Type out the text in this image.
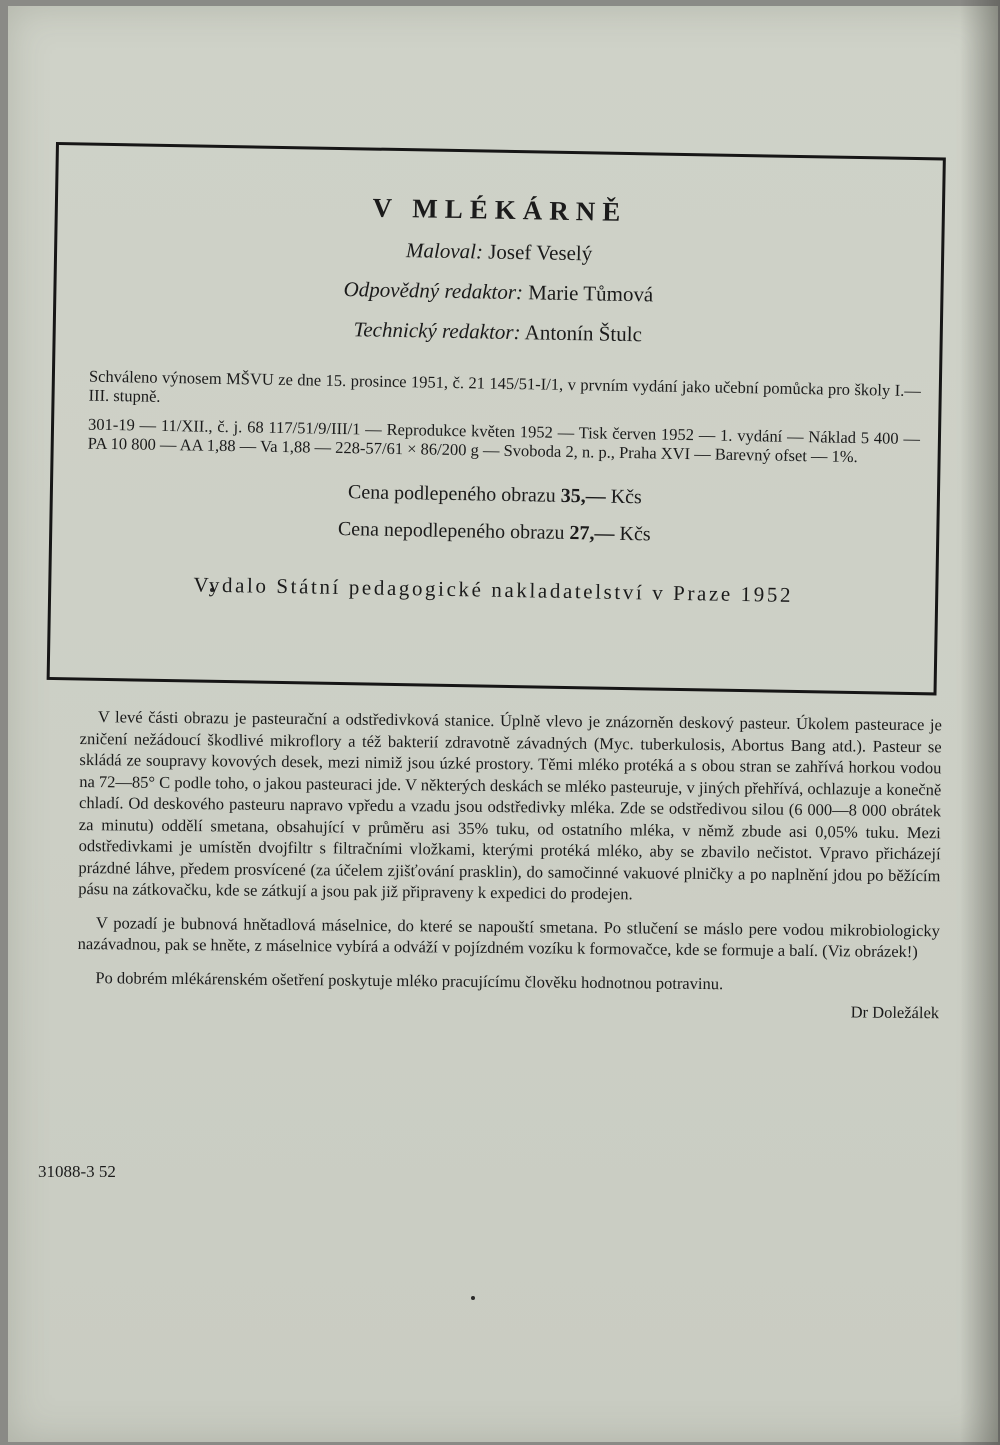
V MLÉKÁRNĚ
Maloval: Josef Veselý
Odpovědný redaktor: Marie Tůmová
Technický redaktor: Antonín Štulc
Schváleno výnosem MŠVU ze dne 15. prosince 1951, č. 21 145/51-I/1, v prvním vydání jako učební pomůcka pro školy I.—III. stupně.
301-19 — 11/XII., č. j. 68 117/51/9/III/1 — Reprodukce květen 1952 — Tisk červen 1952 — 1. vydání — Náklad 5 400 — PA 10 800 — AA 1,88 — Va 1,88 — 228-57/61 × 86/200 g — Svoboda 2, n. p., Praha XVI — Barevný ofset — 1%.
Cena podlepeného obrazu 35,— Kčs
Cena nepodlepeného obrazu 27,— Kčs
Vydalo Státní pedagogické nakladatelství v Praze 1952

V levé části obrazu je pasteurační a odstředivková stanice. Úplně vlevo je znázorněn deskový pasteur. Úkolem pasteurace je zničení nežádoucí škodlivé mikroflory a též bakterií zdravotně závadných (Myc. tuberkulosis, Abortus Bang atd.). Pasteur se skládá ze soupravy kovových desek, mezi nimiž jsou úzké prostory. Těmi mléko protéká a s obou stran se zahřívá horkou vodou na 72—85° C podle toho, o jakou pasteuraci jde. V některých deskách se mléko pasteuruje, v jiných přehřívá, ochlazuje a konečně chladí. Od deskového pasteuru napravo vpředu a vzadu jsou odstředivky mléka. Zde se odstředivou silou (6 000—8 000 obrátek za minutu) oddělí smetana, obsahující v průměru asi 35% tuku, od ostatního mléka, v němž zbude asi 0,05% tuku. Mezi odstředivkami je umístěn dvojfiltr s filtračními vložkami, kterými protéká mléko, aby se zbavilo nečistot. Vpravo přicházejí prázdné láhve, předem prosvícené (za účelem zjišťování prasklin), do samočinné vakuové plničky a po naplnění jdou po běžícím pásu na zátkovačku, kde se zátkují a jsou pak již připraveny k expedici do prodejen.

V pozadí je bubnová hnětadlová máselnice, do které se napouští smetana. Po stlučení se máslo pere vodou mikrobiologicky nazávadnou, pak se hněte, z máselnice vybírá a odváží v pojízdném vozíku k formovačce, kde se formuje a balí. (Viz obrázek!)

Po dobrém mlékárenském ošetření poskytuje mléko pracujícímu člověku hodnotnou potravinu.

Dr Doležálek
31088-3 52
